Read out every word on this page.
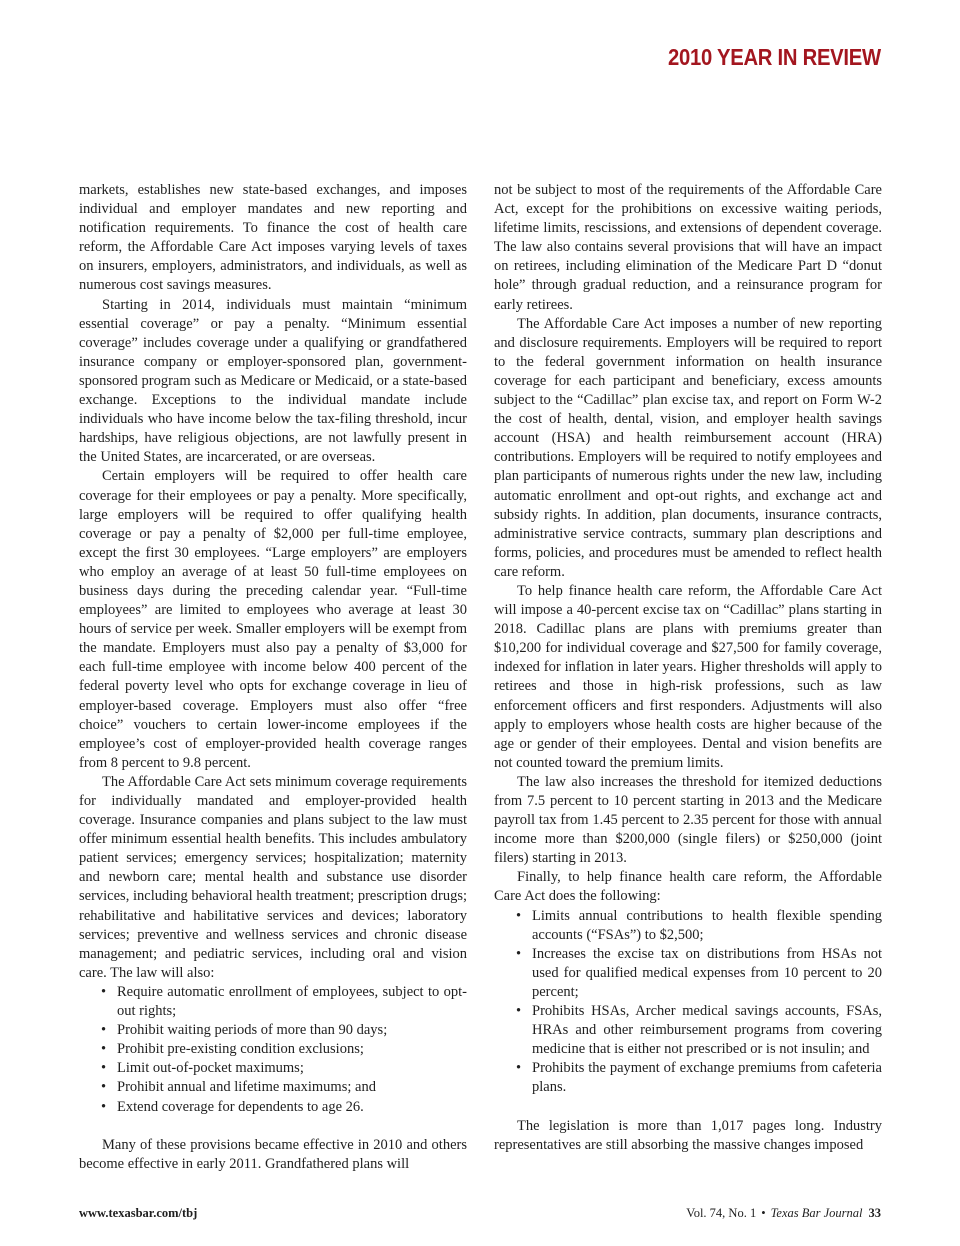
2010 YEAR IN REVIEW

markets, establishes new state-based exchanges, and imposes individual and employer mandates and new reporting and notification requirements. To finance the cost of health care reform, the Affordable Care Act imposes varying levels of taxes on insurers, employers, administrators, and individuals, as well as numerous cost savings measures.

Starting in 2014, individuals must maintain “minimum essential coverage” or pay a penalty. “Minimum essential coverage” includes coverage under a qualifying or grandfathered insurance company or employer-sponsored plan, government-sponsored program such as Medicare or Medicaid, or a state-based exchange. Exceptions to the individual mandate include individuals who have income below the tax-filing threshold, incur hardships, have religious objections, are not lawfully present in the United States, are incarcerated, or are overseas.

Certain employers will be required to offer health care coverage for their employees or pay a penalty. More specifically, large employers will be required to offer qualifying health coverage or pay a penalty of $2,000 per full-time employee, except the first 30 employees. “Large employers” are employers who employ an average of at least 50 full-time employees on business days during the preceding calendar year. “Full-time employees” are limited to employees who average at least 30 hours of service per week. Smaller employers will be exempt from the mandate. Employers must also pay a penalty of $3,000 for each full-time employee with income below 400 percent of the federal poverty level who opts for exchange coverage in lieu of employer-based coverage. Employers must also offer “free choice” vouchers to certain lower-income employees if the employee’s cost of employer-provided health coverage ranges from 8 percent to 9.8 percent.

The Affordable Care Act sets minimum coverage requirements for individually mandated and employer-provided health coverage. Insurance companies and plans subject to the law must offer minimum essential health benefits. This includes ambulatory patient services; emergency services; hospitalization; maternity and newborn care; mental health and substance use disorder services, including behavioral health treatment; prescription drugs; rehabilitative and habilitative services and devices; laboratory services; preventive and wellness services and chronic disease management; and pediatric services, including oral and vision care. The law will also:

• Require automatic enrollment of employees, subject to opt-out rights;
• Prohibit waiting periods of more than 90 days;
• Prohibit pre-existing condition exclusions;
• Limit out-of-pocket maximums;
• Prohibit annual and lifetime maximums; and
• Extend coverage for dependents to age 26.

Many of these provisions became effective in 2010 and others become effective in early 2011. Grandfathered plans will

not be subject to most of the requirements of the Affordable Care Act, except for the prohibitions on excessive waiting periods, lifetime limits, rescissions, and extensions of dependent coverage. The law also contains several provisions that will have an impact on retirees, including elimination of the Medicare Part D “donut hole” through gradual reduction, and a reinsurance program for early retirees.

The Affordable Care Act imposes a number of new reporting and disclosure requirements. Employers will be required to report to the federal government information on health insurance coverage for each participant and beneficiary, excess amounts subject to the “Cadillac” plan excise tax, and report on Form W-2 the cost of health, dental, vision, and employer health savings account (HSA) and health reimbursement account (HRA) contributions. Employers will be required to notify employees and plan participants of numerous rights under the new law, including automatic enrollment and opt-out rights, and exchange act and subsidy rights. In addition, plan documents, insurance contracts, administrative service contracts, summary plan descriptions and forms, policies, and procedures must be amended to reflect health care reform.

To help finance health care reform, the Affordable Care Act will impose a 40-percent excise tax on “Cadillac” plans starting in 2018. Cadillac plans are plans with premiums greater than $10,200 for individual coverage and $27,500 for family coverage, indexed for inflation in later years. Higher thresholds will apply to retirees and those in high-risk professions, such as law enforcement officers and first responders. Adjustments will also apply to employers whose health costs are higher because of the age or gender of their employees. Dental and vision benefits are not counted toward the premium limits.

The law also increases the threshold for itemized deductions from 7.5 percent to 10 percent starting in 2013 and the Medicare payroll tax from 1.45 percent to 2.35 percent for those with annual income more than $200,000 (single filers) or $250,000 (joint filers) starting in 2013.

Finally, to help finance health care reform, the Affordable Care Act does the following:

• Limits annual contributions to health flexible spending accounts (“FSAs”) to $2,500;
• Increases the excise tax on distributions from HSAs not used for qualified medical expenses from 10 percent to 20 percent;
• Prohibits HSAs, Archer medical savings accounts, FSAs, HRAs and other reimbursement programs from covering medicine that is either not prescribed or is not insulin; and
• Prohibits the payment of exchange premiums from cafeteria plans.

The legislation is more than 1,017 pages long. Industry representatives are still absorbing the massive changes imposed

www.texasbar.com/tbj	Vol. 74, No. 1 • Texas Bar Journal 33
